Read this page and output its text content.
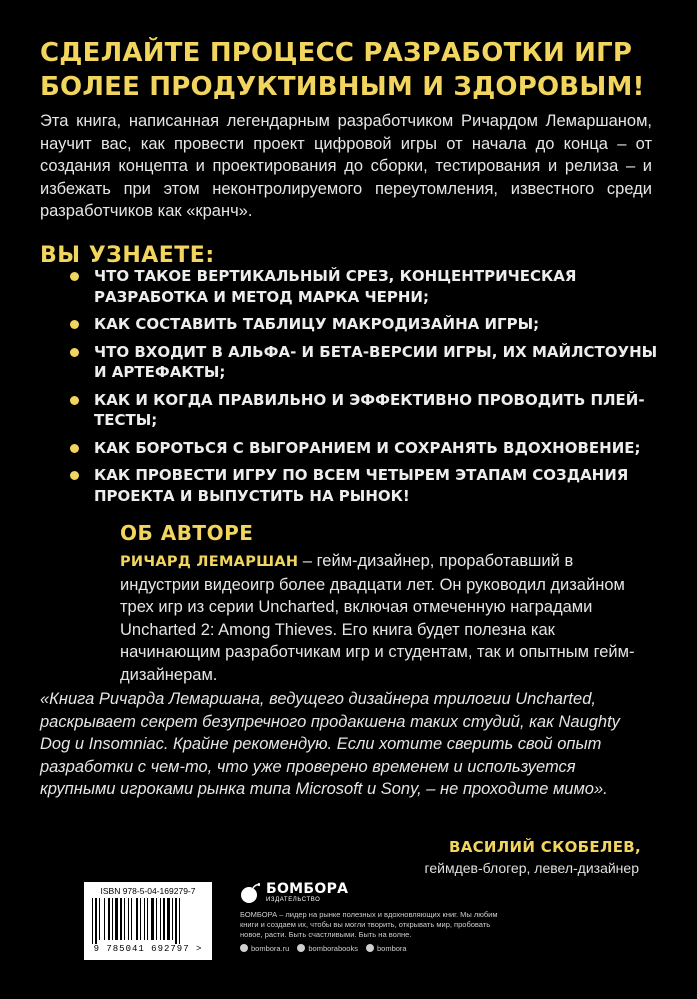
СДЕЛАЙТЕ ПРОЦЕСС РАЗРАБОТКИ ИГР
БОЛЕЕ ПРОДУКТИВНЫМ И ЗДОРОВЫМ!
Эта книга, написанная легендарным разработчиком Ричардом Лемаршаном, научит вас, как провести проект цифровой игры от начала до конца – от создания концепта и проектирования до сборки, тестирования и релиза – и избежать при этом неконтролируемого переутомления, известного среди разработчиков как «кранч».
ВЫ УЗНАЕТЕ:
ЧТО ТАКОЕ ВЕРТИКАЛЬНЫЙ СРЕЗ, КОНЦЕНТРИЧЕСКАЯ РАЗРАБОТКА И МЕТОД МАРКА ЧЕРНИ;
КАК СОСТАВИТЬ ТАБЛИЦУ МАКРОДИЗАЙНА ИГРЫ;
ЧТО ВХОДИТ В АЛЬФА- И БЕТА-ВЕРСИИ ИГРЫ, ИХ МАЙЛСТОУНЫ И АРТЕФАКТЫ;
КАК И КОГДА ПРАВИЛЬНО И ЭФФЕКТИВНО ПРОВОДИТЬ ПЛЕЙ-ТЕСТЫ;
КАК БОРОТЬСЯ С ВЫГОРАНИЕМ И СОХРАНЯТЬ ВДОХНОВЕНИЕ;
КАК ПРОВЕСТИ ИГРУ ПО ВСЕМ ЧЕТЫРЕМ ЭТАПАМ СОЗДАНИЯ ПРОЕКТА И ВЫПУСТИТЬ НА РЫНОК!
ОБ АВТОРЕ
РИЧАРД ЛЕМАРШАН – гейм-дизайнер, проработавший в индустрии видеоигр более двадцати лет. Он руководил дизайном трех игр из серии Uncharted, включая отмеченную наградами Uncharted 2: Among Thieves. Его книга будет полезна как начинающим разработчикам игр и студентам, так и опытным гейм-дизайнерам.
«Книга Ричарда Лемаршана, ведущего дизайнера трилогии Uncharted, раскрывает секрет безупречного продакшена таких студий, как Naughty Dog и Insomniac. Крайне рекомендую. Если хотите сверить свой опыт разработки с чем-то, что уже проверено временем и используется крупными игроками рынка типа Microsoft и Sony, – не проходите мимо».
ВАСИЛИЙ СКОБЕЛЕВ,
геймдев-блогер, левел-дизайнер
ISBN 978-5-04-169279-7
9 785041 692797 >
БОМБОРА
ИЗДАТЕЛЬСТВО
БОМБОРА – лидер на рынке полезных и вдохновляющих книг. Мы любим книги и создаем их, чтобы вы могли творить, открывать мир, пробовать новое, расти. Быть счастливыми. Быть на волне.
bombora.ru	bomborabooks	bombora
